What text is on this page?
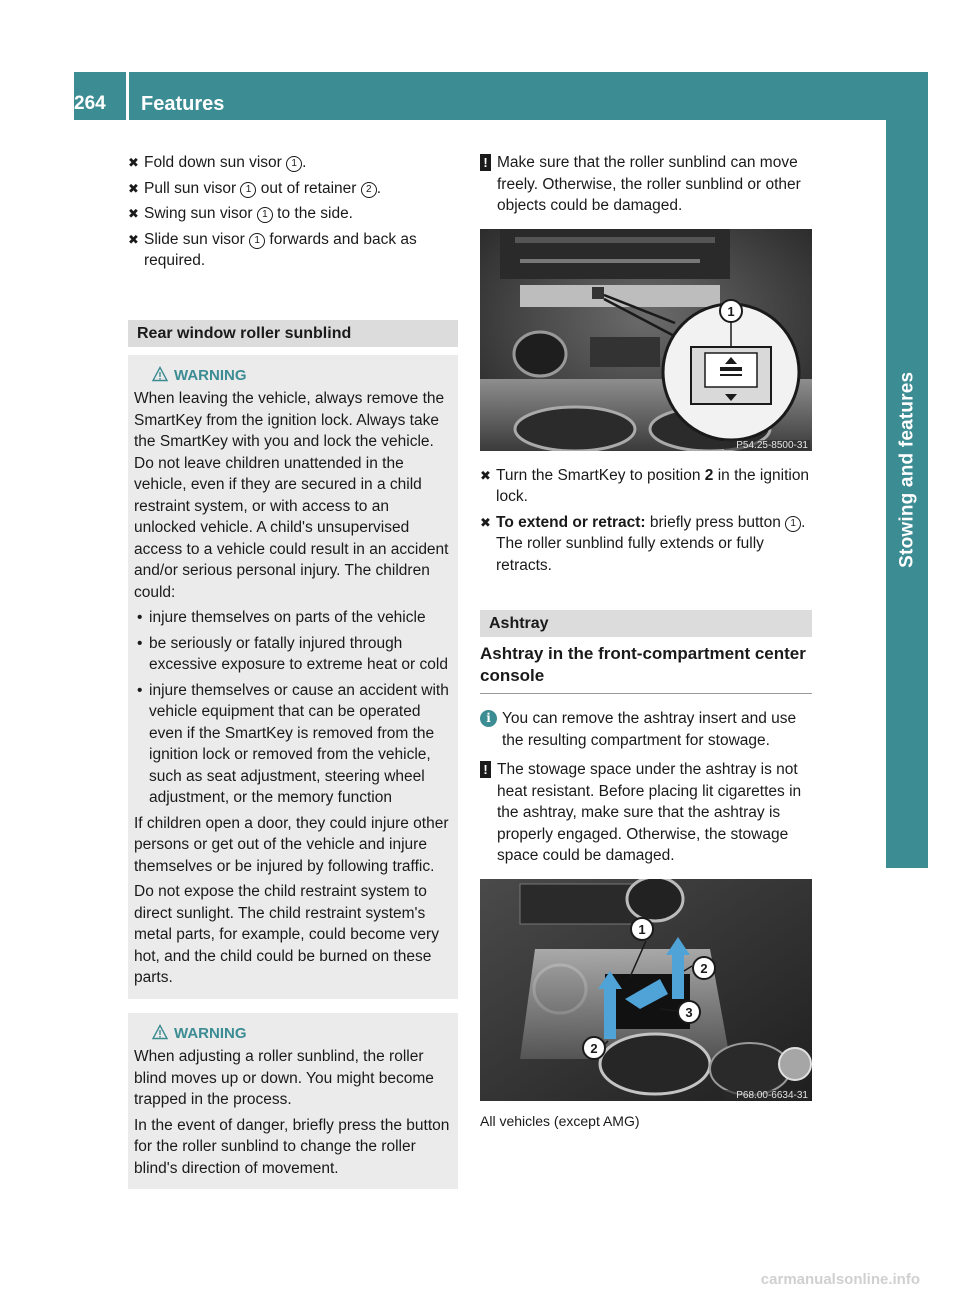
264	Features
Stowing and features
✖ Fold down sun visor 1 .
✖ Pull sun visor 1 out of retainer 2 .
✖ Swing sun visor 1 to the side.
✖ Slide sun visor 1 forwards and back as required.
Rear window roller sunblind
WARNING

When leaving the vehicle, always remove the SmartKey from the ignition lock. Always take the SmartKey with you and lock the vehicle. Do not leave children unattended in the vehicle, even if they are secured in a child restraint system, or with access to an unlocked vehicle. A child's unsupervised access to a vehicle could result in an accident and/or serious personal injury. The children could:

• injure themselves on parts of the vehicle
• be seriously or fatally injured through excessive exposure to extreme heat or cold
• injure themselves or cause an accident with vehicle equipment that can be operated even if the SmartKey is removed from the ignition lock or removed from the vehicle, such as seat adjustment, steering wheel adjustment, or the memory function

If children open a door, they could injure other persons or get out of the vehicle and injure themselves or be injured by following traffic.

Do not expose the child restraint system to direct sunlight. The child restraint system's metal parts, for example, could become very hot, and the child could be burned on these parts.

WARNING

When adjusting a roller sunblind, the roller blind moves up or down. You might become trapped in the process.

In the event of danger, briefly press the button for the roller sunblind to change the roller blind's direction of movement.

! Make sure that the roller sunblind can move freely. Otherwise, the roller sunblind or other objects could be damaged.
1
P54.25-8500-31
✖ Turn the SmartKey to position 2 in the ignition lock.
✖ To extend or retract: briefly press button 1 .
The roller sunblind fully extends or fully retracts.
Ashtray
Ashtray in the front-compartment center console
i You can remove the ashtray insert and use the resulting compartment for stowage.
! The stowage space under the ashtray is not heat resistant. Before placing lit cigarettes in the ashtray, make sure that the ashtray is properly engaged. Otherwise, the stowage space could be damaged.
1
2
3
2
P68.00-6634-31
All vehicles (except AMG)
carmanualsonline.info
